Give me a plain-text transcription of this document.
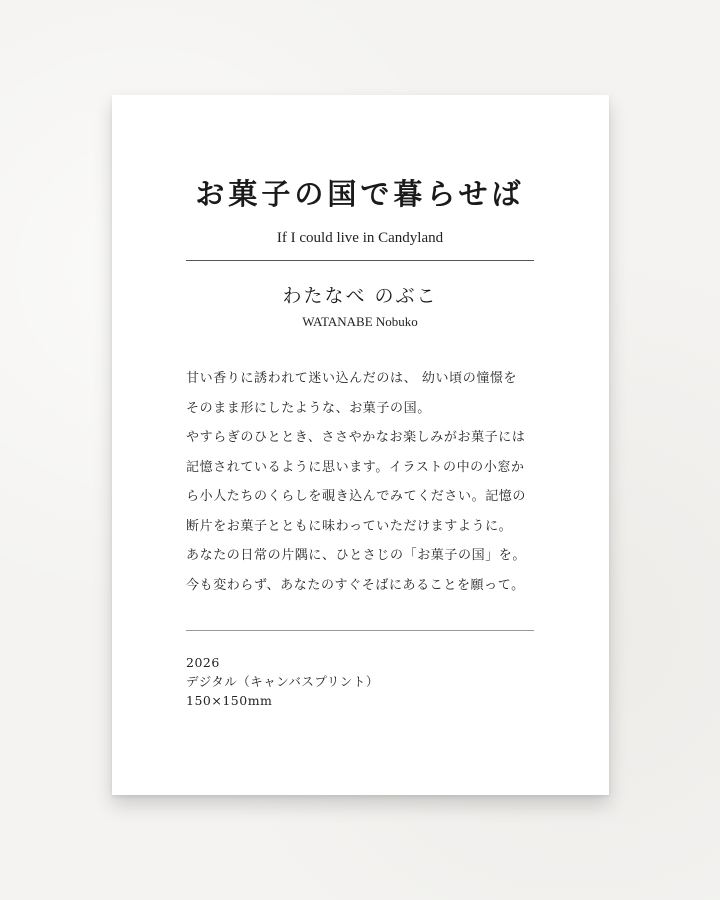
お菓子の国で暮らせば
If I could live in Candyland
わたなべ のぶこ
WATANABE Nobuko
甘い香りに誘われて迷い込んだのは、 幼い頃の憧憬を
そのまま形にしたような、お菓子の国。
やすらぎのひととき、ささやかなお楽しみがお菓子には
記憶されているように思います。イラストの中の小窓か
ら小人たちのくらしを覗き込んでみてください。記憶の
断片をお菓子とともに味わっていただけますように。
あなたの日常の片隅に、ひとさじの「お菓子の国」を。
今も変わらず、あなたのすぐそばにあることを願って。
2026
デジタル（キャンバスプリント）
150×150mm
